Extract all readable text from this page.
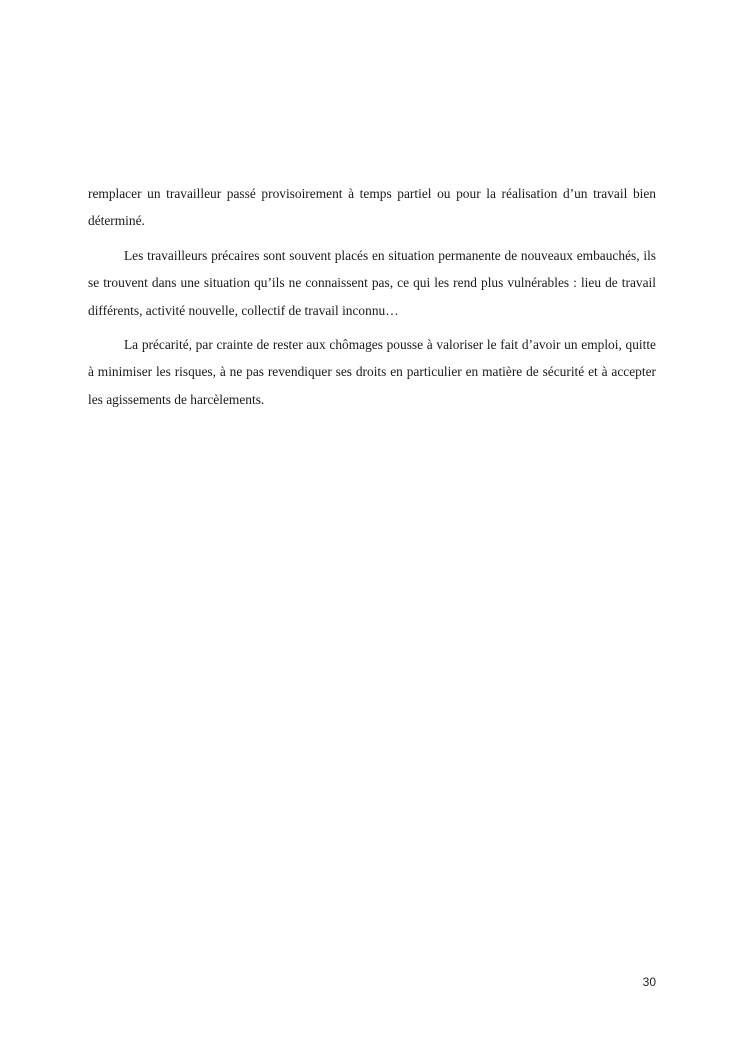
remplacer un travailleur passé provisoirement à temps partiel ou pour la réalisation d’un travail bien déterminé.

Les travailleurs précaires sont souvent placés en situation permanente de nouveaux embauchés, ils se trouvent dans une situation qu’ils ne connaissent pas, ce qui les rend plus vulnérables : lieu de travail différents, activité nouvelle, collectif de travail inconnu…

La précarité, par crainte de rester aux chômages pousse à valoriser le fait d’avoir un emploi, quitte à minimiser les risques, à ne pas revendiquer ses droits en particulier en matière de sécurité et à accepter les agissements de harcèlements.

30
